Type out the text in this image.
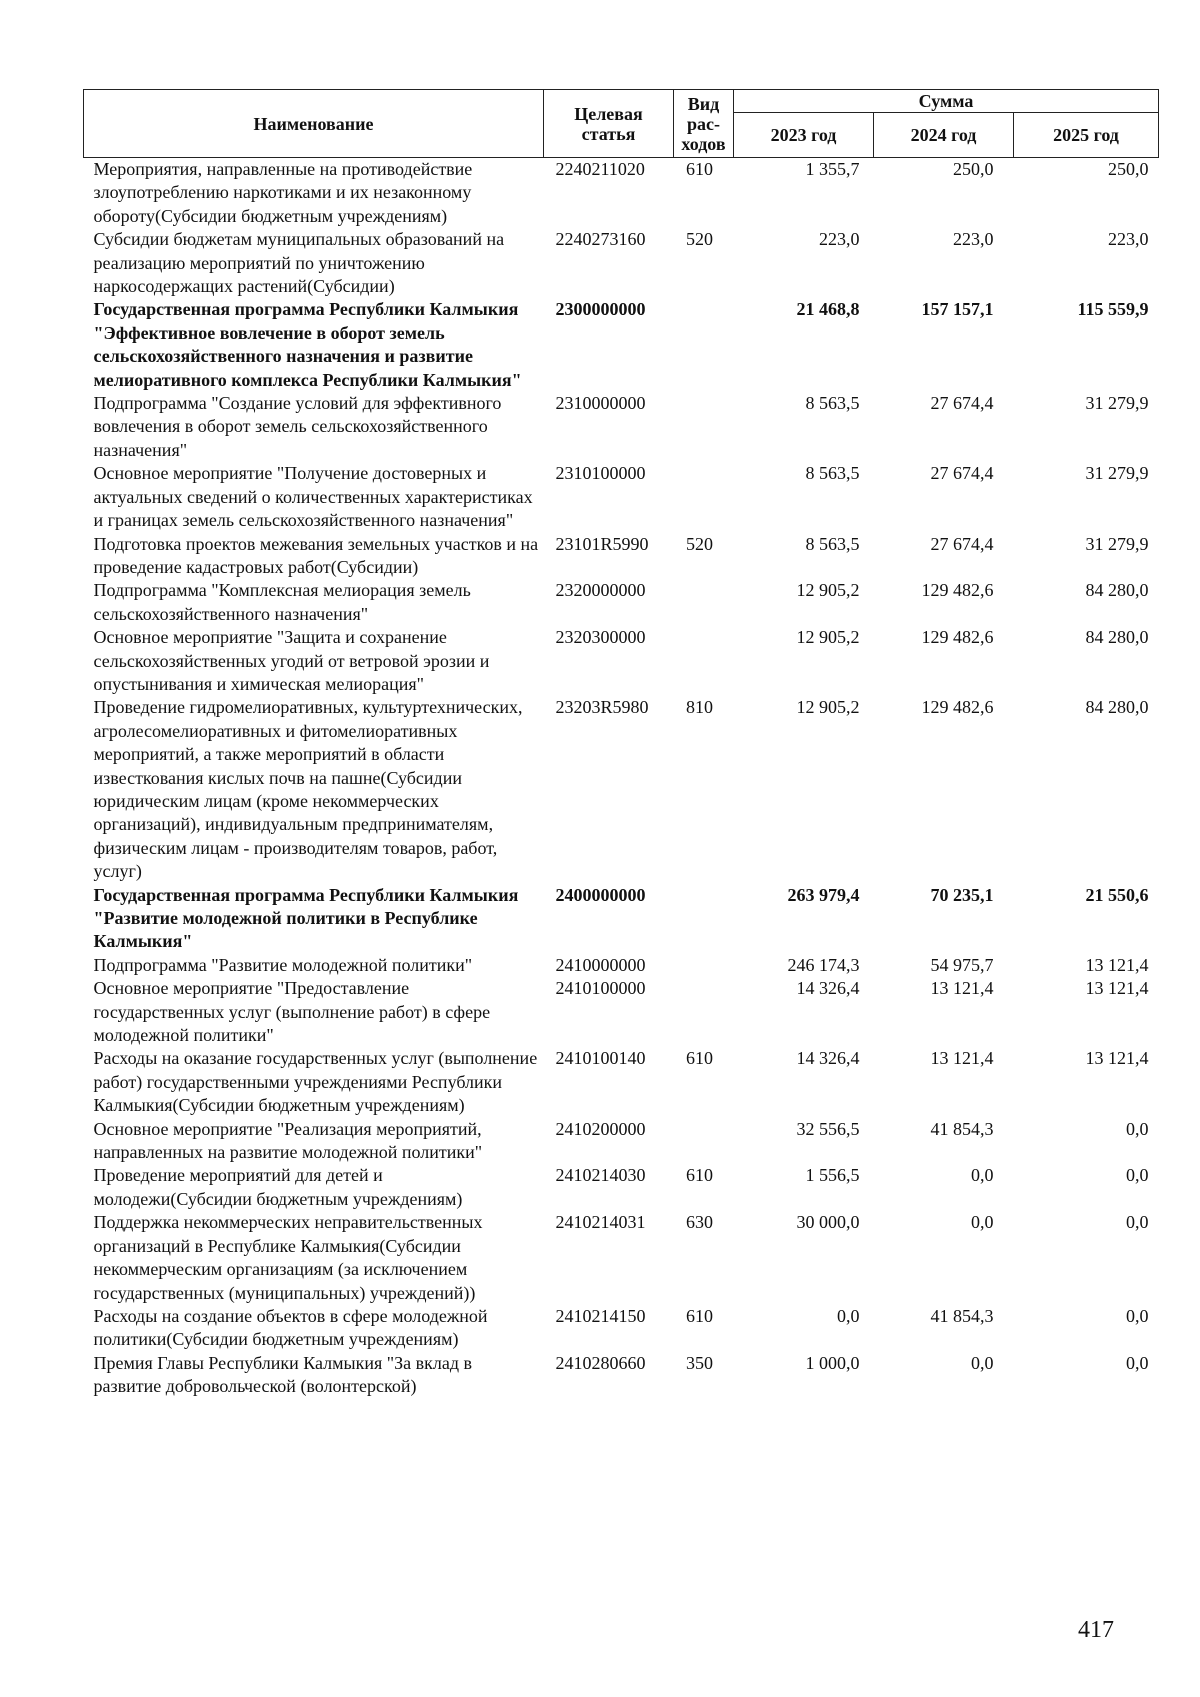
Наименование	Целевая статья	Вид рас-ходов	Сумма		
			2023 год	2024 год	2025 год
Мероприятия, направленные на противодействие злоупотреблению наркотиками и их незаконному обороту(Субсидии бюджетным учреждениям)	2240211020	610	1 355,7	250,0	250,0
Субсидии бюджетам муниципальных образований на реализацию мероприятий по уничтожению наркосодержащих растений(Субсидии)	2240273160	520	223,0	223,0	223,0
Государственная программа Республики Калмыкия "Эффективное вовлечение в оборот земель сельскохозяйственного назначения и развитие мелиоративного комплекса Республики Калмыкия"	2300000000		21 468,8	157 157,1	115 559,9
Подпрограмма "Создание условий для эффективного вовлечения в оборот земель сельскохозяйственного назначения"	2310000000		8 563,5	27 674,4	31 279,9
Основное мероприятие "Получение достоверных и актуальных сведений о количественных характеристиках и границах земель сельскохозяйственного назначения"	2310100000		8 563,5	27 674,4	31 279,9
Подготовка проектов межевания земельных участков и на проведение кадастровых работ(Субсидии)	23101R5990	520	8 563,5	27 674,4	31 279,9
Подпрограмма "Комплексная мелиорация земель сельскохозяйственного назначения"	2320000000		12 905,2	129 482,6	84 280,0
Основное мероприятие "Защита и сохранение сельскохозяйственных угодий от ветровой эрозии и опустынивания и химическая мелиорация"	2320300000		12 905,2	129 482,6	84 280,0
Проведение гидромелиоративных, культуртехнических, агролесомелиоративных и фитомелиоративных мероприятий, а также мероприятий в области известкования кислых почв на пашне(Субсидии юридическим лицам (кроме некоммерческих организаций), индивидуальным предпринимателям, физическим лицам - производителям товаров, работ, услуг)	23203R5980	810	12 905,2	129 482,6	84 280,0
Государственная программа Республики Калмыкия "Развитие молодежной политики в Республике Калмыкия"	2400000000		263 979,4	70 235,1	21 550,6
Подпрограмма "Развитие молодежной политики"	2410000000		246 174,3	54 975,7	13 121,4
Основное мероприятие "Предоставление государственных услуг (выполнение работ) в сфере молодежной политики"	2410100000		14 326,4	13 121,4	13 121,4
Расходы на оказание государственных услуг (выполнение работ) государственными учреждениями Республики Калмыкия(Субсидии бюджетным учреждениям)	2410100140	610	14 326,4	13 121,4	13 121,4
Основное мероприятие "Реализация мероприятий, направленных на развитие молодежной политики"	2410200000		32 556,5	41 854,3	0,0
Проведение мероприятий для детей и молодежи(Субсидии бюджетным учреждениям)	2410214030	610	1 556,5	0,0	0,0
Поддержка некоммерческих неправительственных организаций в Республике Калмыкия(Субсидии некоммерческим организациям (за исключением государственных (муниципальных) учреждений))	2410214031	630	30 000,0	0,0	0,0
Расходы на создание объектов в сфере молодежной политики(Субсидии бюджетным учреждениям)	2410214150	610	0,0	41 854,3	0,0
Премия Главы Республики Калмыкия "За вклад в развитие добровольческой (волонтерской)	2410280660	350	1 000,0	0,0	0,0
417
